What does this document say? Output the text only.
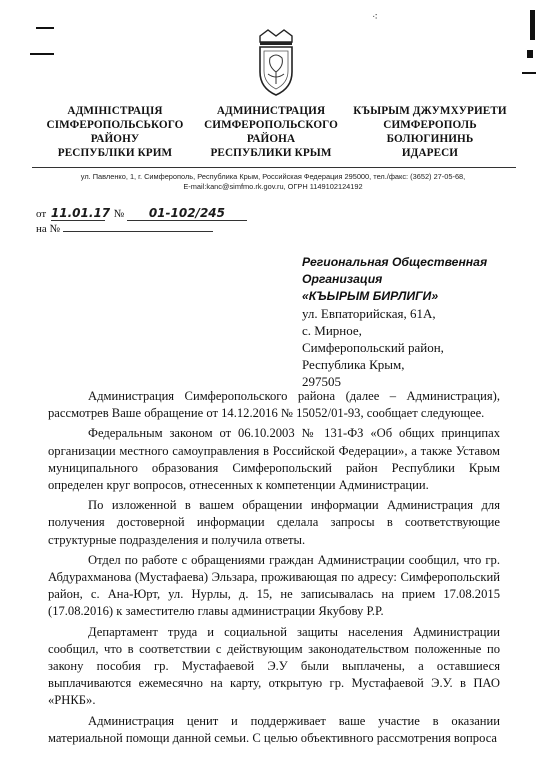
⁖
АДМІНІСТРАЦІЯ
СІМФЕРОПОЛЬСЬКОГО
РАЙОНУ
РЕСПУБЛІКИ КРИМ
АДМИНИСТРАЦИЯ
СИМФЕРОПОЛЬСКОГО
РАЙОНА
РЕСПУБЛИКИ КРЫМ
КЪЫРЫМ ДЖУМХУРИЕТИ
СИМФЕРОПОЛЬ
БОЛЮГИНИНЬ
ИДАРЕСИ
ул. Павленко, 1, г. Симферополь, Республика Крым, Российская Федерация 295000, тел./факс: (3652) 27-05-68,
E-mail:kanc@simfmo.rk.gov.ru, ОГРН 1149102124192
от 11.01.17 № 01-102/245
на №
Региональная Общественная
Организация
«КЪЫРЫМ БИРЛИГИ»
ул. Евпаторийская, 61А,
с. Мирное,
Симферопольский район,
Республика Крым,
297505

Администрация Симферопольского района (далее – Администрация), рассмотрев Ваше обращение от 14.12.2016 № 15052/01-93, сообщает следующее.

Федеральным законом от 06.10.2003 № 131-ФЗ «Об общих принципах организации местного самоуправления в Российской Федерации», а также Уставом муниципального образования Симферопольский район Республики Крым определен круг вопросов, отнесенных к компетенции Администрации.

По изложенной в вашем обращении информации Администрация для получения достоверной информации сделала запросы в соответствующие структурные подразделения и получила ответы.

Отдел по работе с обращениями граждан Администрации сообщил, что гр. Абдурахманова (Мустафаева) Эльзара, проживающая по адресу: Симферопольский район, с. Ана-Юрт, ул. Нурлы, д. 15, не записывалась на прием 17.08.2015 (17.08.2016) к заместителю главы администрации Якубову Р.Р.

Департамент труда и социальной защиты населения Администрации сообщил, что в соответствии с действующим законодательством положенные по закону пособия гр. Мустафаевой Э.У были выплачены, а оставшиеся выплачиваются ежемесячно на карту, открытую гр. Мустафаевой Э.У. в ПАО «РНКБ».

Администрация ценит и поддерживает ваше участие в оказании материальной помощи данной семьи. С целью объективного рассмотрения вопроса
